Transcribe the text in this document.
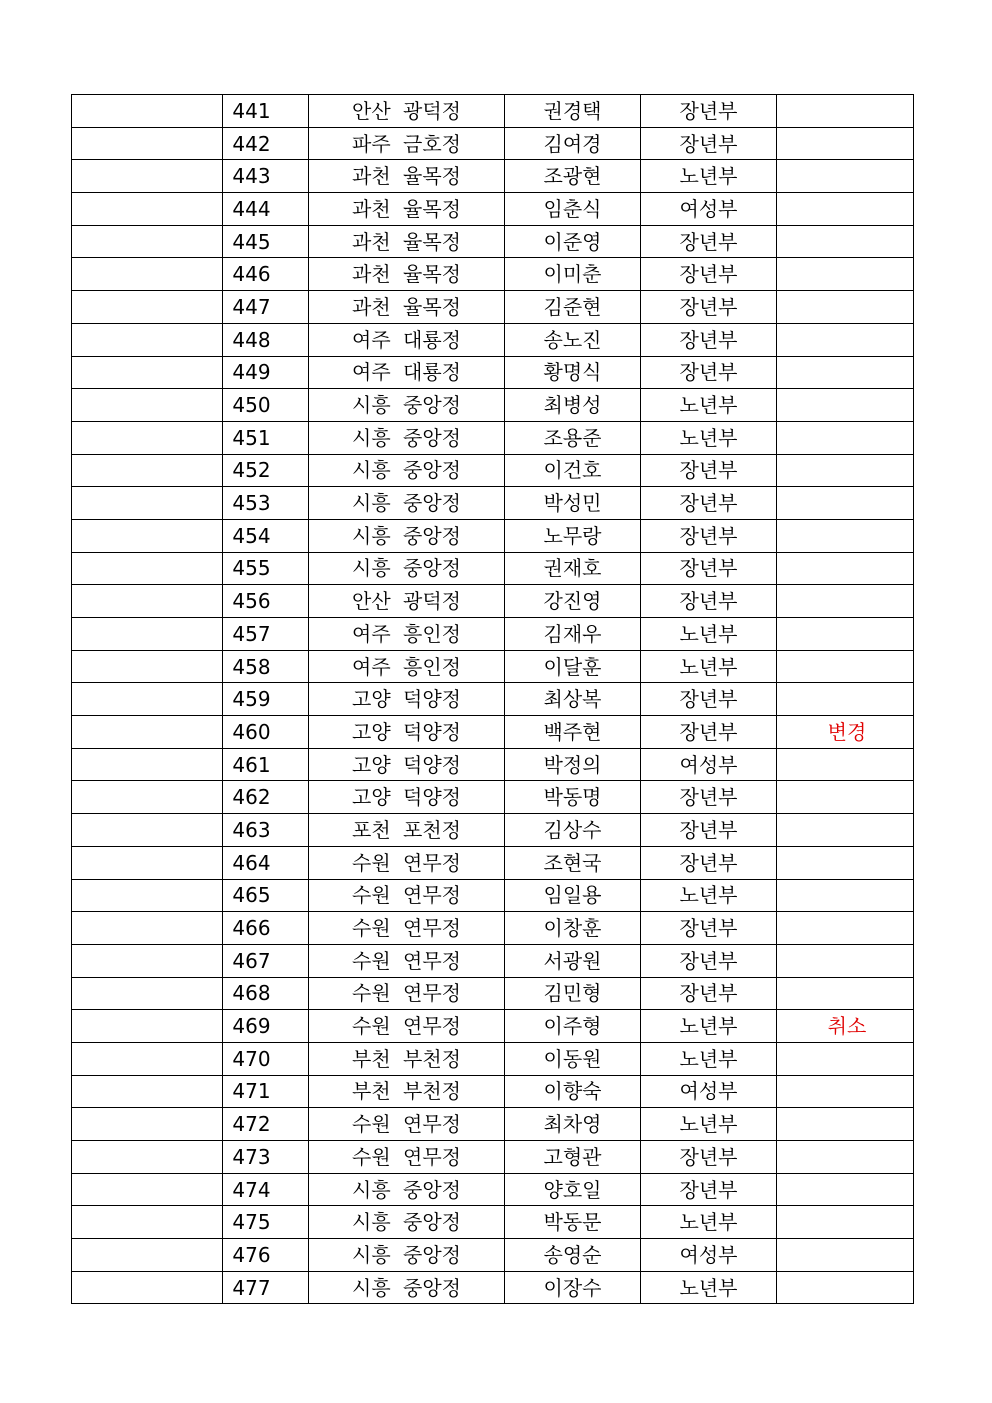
	441	안산 광덕정	권경택	장년부	
	442	파주 금호정	김여경	장년부	
	443	과천 율목정	조광현	노년부	
	444	과천 율목정	임춘식	여성부	
	445	과천 율목정	이준영	장년부	
	446	과천 율목정	이미춘	장년부	
	447	과천 율목정	김준현	장년부	
	448	여주 대룡정	송노진	장년부	
	449	여주 대룡정	황명식	장년부	
	450	시흥 중앙정	최병성	노년부	
	451	시흥 중앙정	조용준	노년부	
	452	시흥 중앙정	이건호	장년부	
	453	시흥 중앙정	박성민	장년부	
	454	시흥 중앙정	노무랑	장년부	
	455	시흥 중앙정	권재호	장년부	
	456	안산 광덕정	강진영	장년부	
	457	여주 흥인정	김재우	노년부	
	458	여주 흥인정	이달훈	노년부	
	459	고양 덕양정	최상복	장년부	
	460	고양 덕양정	백주현	장년부	변경
	461	고양 덕양정	박정의	여성부	
	462	고양 덕양정	박동명	장년부	
	463	포천 포천정	김상수	장년부	
	464	수원 연무정	조현국	장년부	
	465	수원 연무정	임일용	노년부	
	466	수원 연무정	이창훈	장년부	
	467	수원 연무정	서광원	장년부	
	468	수원 연무정	김민형	장년부	
	469	수원 연무정	이주형	노년부	취소
	470	부천 부천정	이동원	노년부	
	471	부천 부천정	이향숙	여성부	
	472	수원 연무정	최차영	노년부	
	473	수원 연무정	고형관	장년부	
	474	시흥 중앙정	양호일	장년부	
	475	시흥 중앙정	박동문	노년부	
	476	시흥 중앙정	송영순	여성부	
	477	시흥 중앙정	이장수	노년부	
